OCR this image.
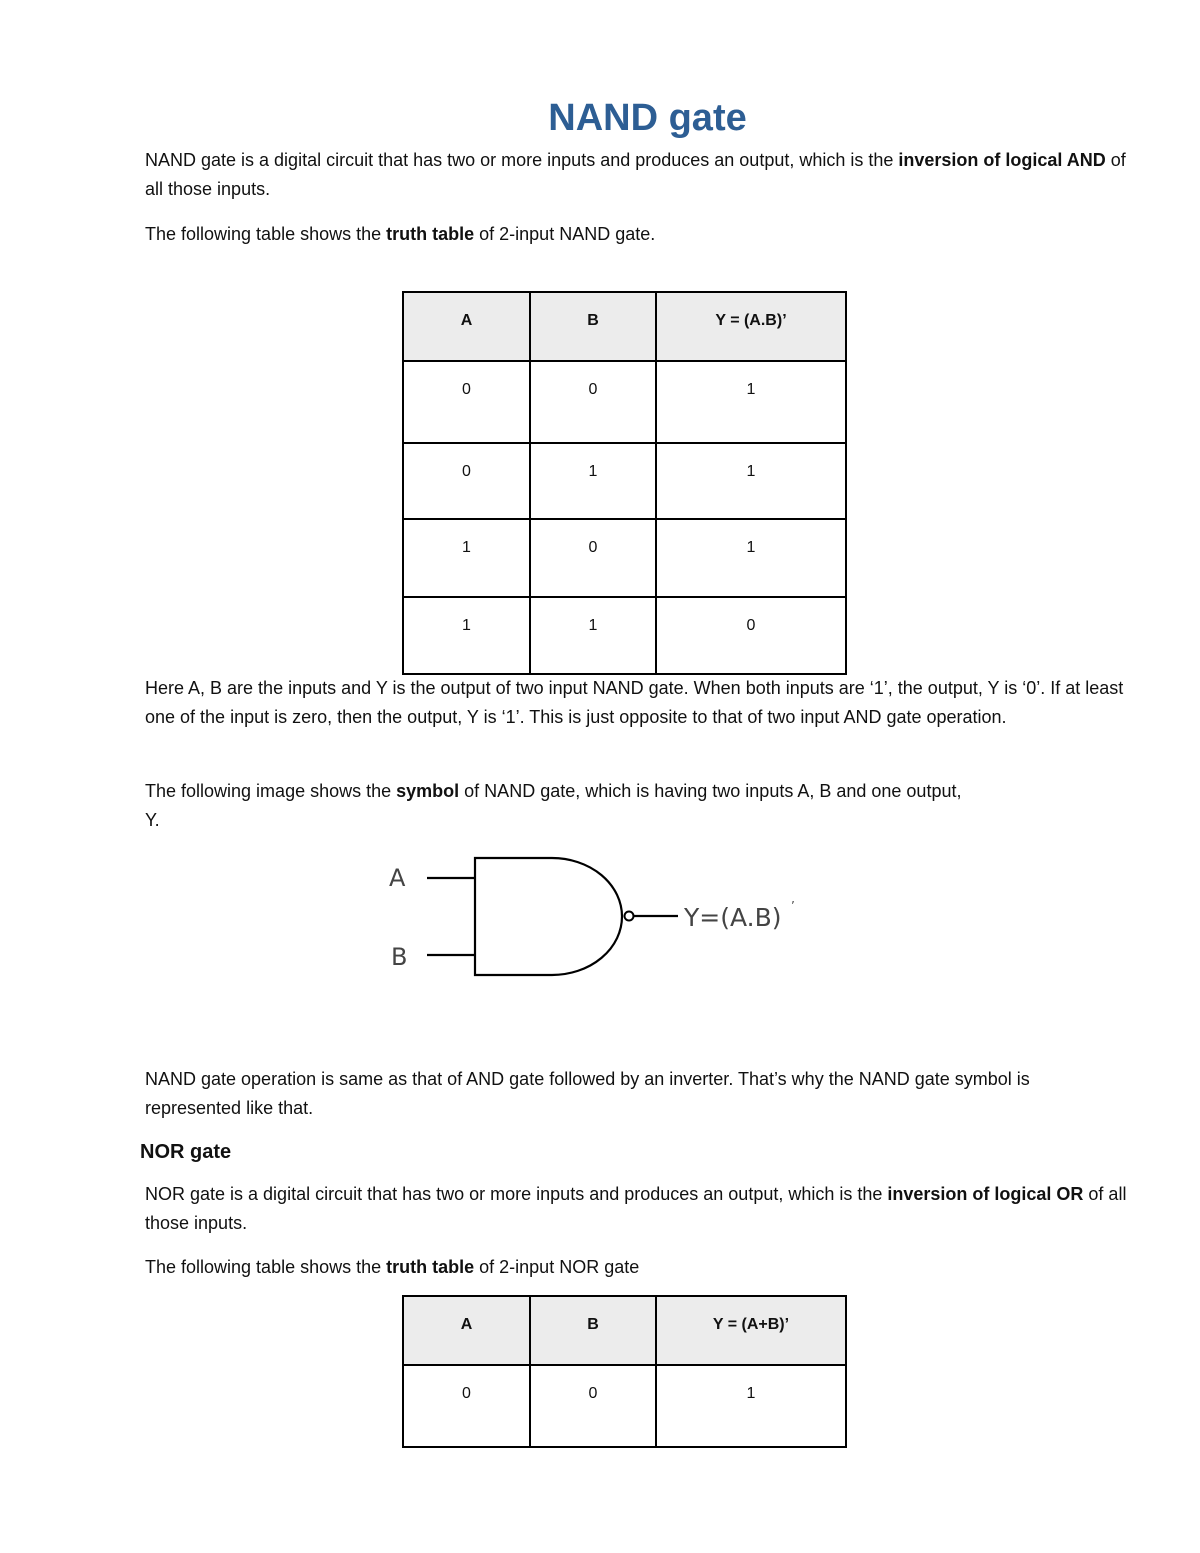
NAND gate

NAND gate is a digital circuit that has two or more inputs and produces an output, which is the inversion of logical AND of all those inputs.

The following table shows the truth table of 2-input NAND gate.

A	B	Y = (A.B)’
0	0	1
0	1	1
1	0	1
1	1	0

Here A, B are the inputs and Y is the output of two input NAND gate. When both inputs are ‘1’, the output, Y is ‘0’. If at least one of the input is zero, then the output, Y is ‘1’. This is just opposite to that of two input AND gate operation.

The following image shows the symbol of NAND gate, which is having two inputs A, B and one output,
Y.

A
B
Y=(A.B) ’

NAND gate operation is same as that of AND gate followed by an inverter. That’s why the NAND gate symbol is represented like that.

NOR gate

NOR gate is a digital circuit that has two or more inputs and produces an output, which is the inversion of logical OR of all those inputs.

The following table shows the truth table of 2-input NOR gate

A	B	Y = (A+B)’
0	0	1
